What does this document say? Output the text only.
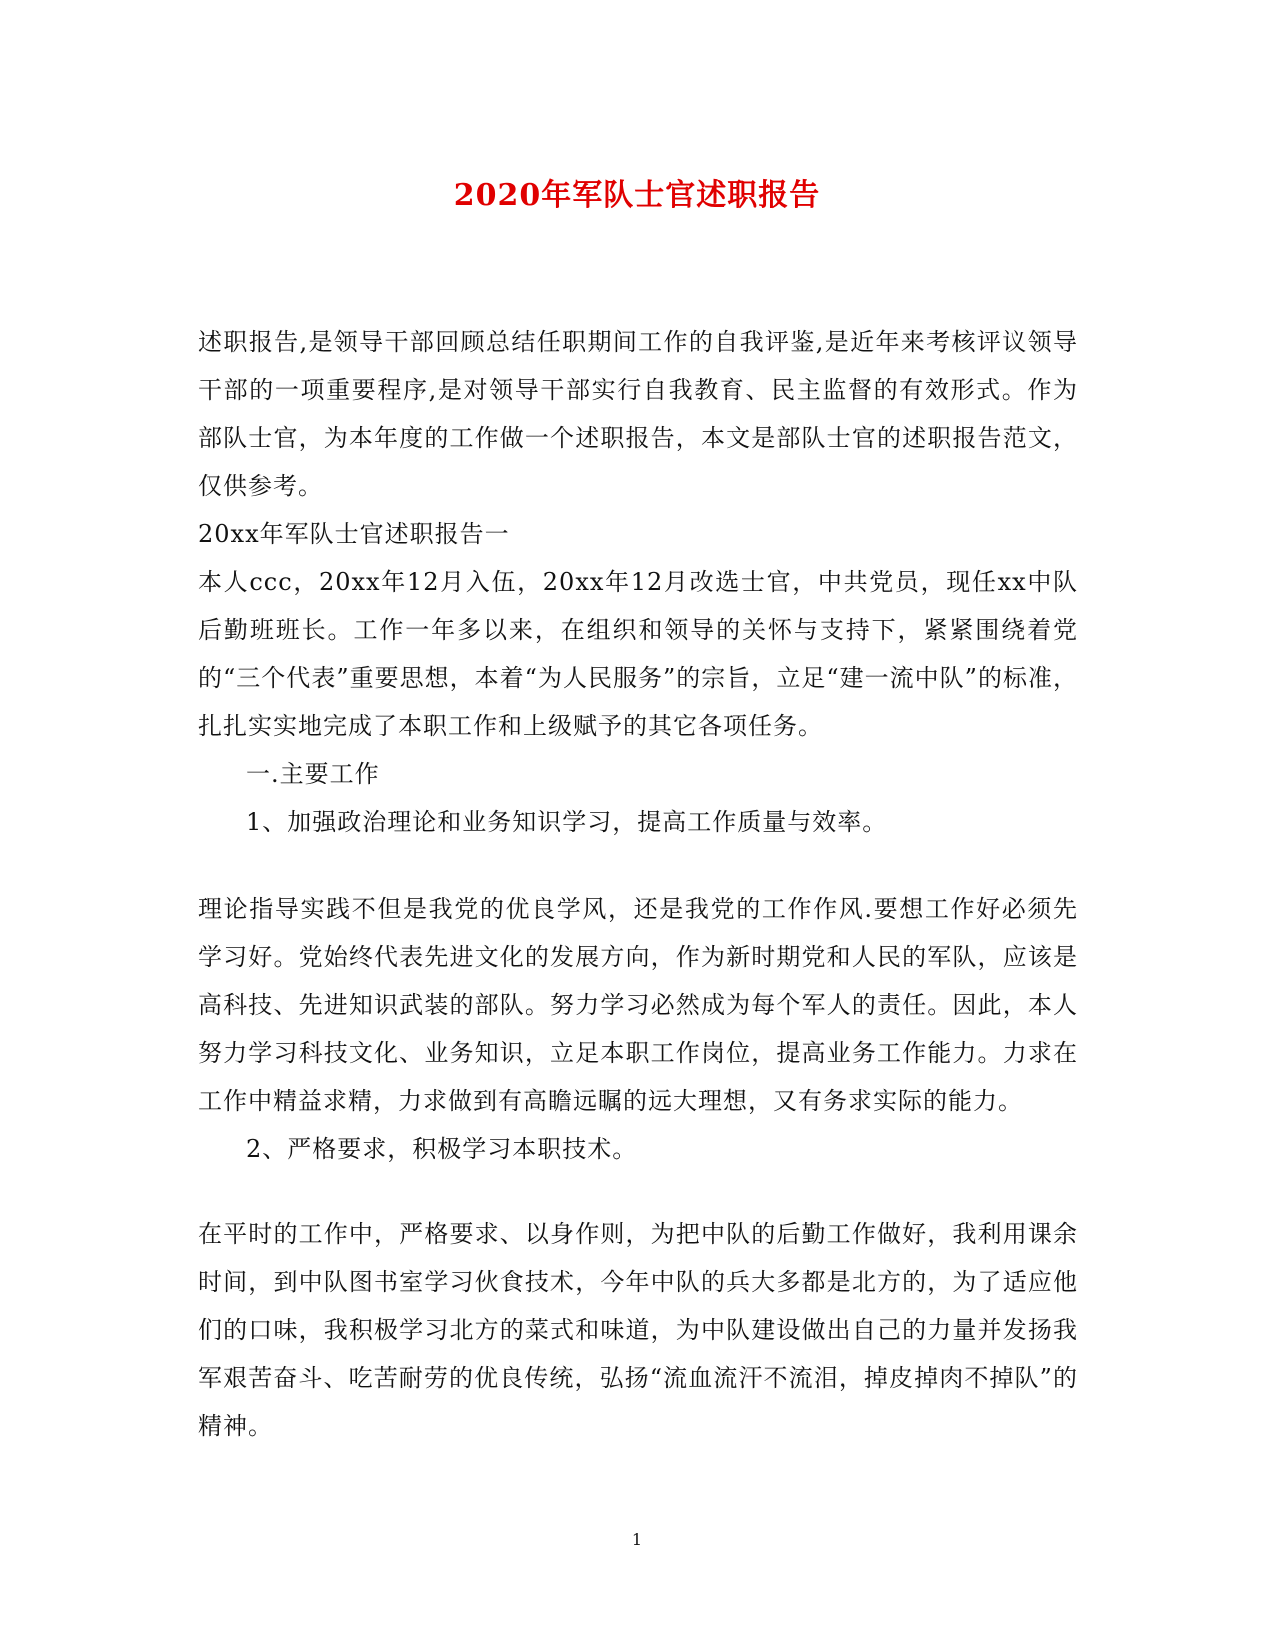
2020年军队士官述职报告

述职报告,是领导干部回顾总结任职期间工作的自我评鉴,是近年来考核评议领导干部的一项重要程序,是对领导干部实行自我教育、民主监督的有效形式。作为部队士官，为本年度的工作做一个述职报告，本文是部队士官的述职报告范文，仅供参考。

20xx年军队士官述职报告一

本人ccc，20xx年12月入伍，20xx年12月改选士官，中共党员，现任xx中队后勤班班长。工作一年多以来，在组织和领导的关怀与支持下，紧紧围绕着党的“三个代表”重要思想，本着“为人民服务”的宗旨，立足“建一流中队”的标准，扎扎实实地完成了本职工作和上级赋予的其它各项任务。

一.主要工作

1、加强政治理论和业务知识学习，提高工作质量与效率。

理论指导实践不但是我党的优良学风，还是我党的工作作风.要想工作好必须先学习好。党始终代表先进文化的发展方向，作为新时期党和人民的军队，应该是高科技、先进知识武装的部队。努力学习必然成为每个军人的责任。因此，本人努力学习科技文化、业务知识，立足本职工作岗位，提高业务工作能力。力求在工作中精益求精，力求做到有高瞻远瞩的远大理想，又有务求实际的能力。

2、严格要求，积极学习本职技术。

在平时的工作中，严格要求、以身作则，为把中队的后勤工作做好，我利用课余时间，到中队图书室学习伙食技术，今年中队的兵大多都是北方的，为了适应他们的口味，我积极学习北方的菜式和味道，为中队建设做出自己的力量并发扬我军艰苦奋斗、吃苦耐劳的优良传统，弘扬“流血流汗不流泪，掉皮掉肉不掉队”的精神。

1
